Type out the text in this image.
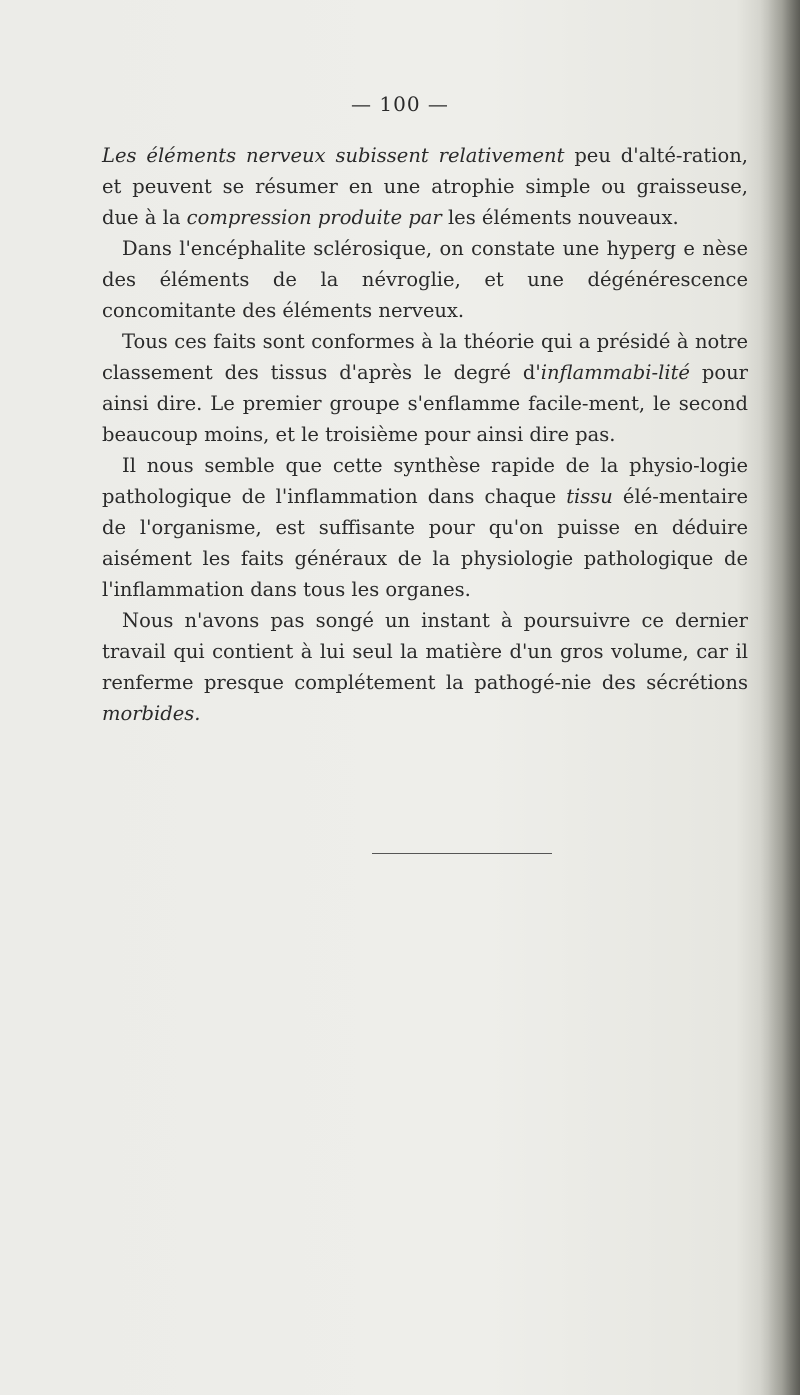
— 100 —

Les éléments nerveux subissent relativement peu d'alté-ration, et peuvent se résumer en une atrophie simple ou graisseuse, due à la compression produite par les éléments nouveaux.

Dans l'encéphalite sclérosique, on constate une hyperg e nèse des éléments de la névroglie, et une dégénérescence concomitante des éléments nerveux.

Tous ces faits sont conformes à la théorie qui a présidé à notre classement des tissus d'après le degré d'inflammabi-lité pour ainsi dire. Le premier groupe s'enflamme facile-ment, le second beaucoup moins, et le troisième pour ainsi dire pas.

Il nous semble que cette synthèse rapide de la physio-logie pathologique de l'inflammation dans chaque tissu élé-mentaire de l'organisme, est suffisante pour qu'on puisse en déduire aisément les faits généraux de la physiologie pathologique de l'inflammation dans tous les organes.

Nous n'avons pas songé un instant à poursuivre ce dernier travail qui contient à lui seul la matière d'un gros volume, car il renferme presque complétement la pathogé-nie des sécrétions morbides.
